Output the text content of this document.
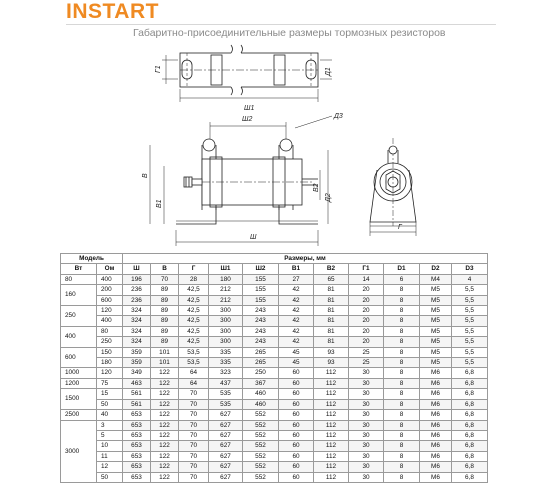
INSTART
Габаритно-присоединительные размеры тормозных резисторов
Г1
Ш1
Д1
Ш2	Д3
В
В1
В2
Д2
Ш
Г
Модель		Размеры, мм										
Вт	Ом	Ш	В	Г	Ш1	Ш2	В1	В2	Г1	D1	D2	D3
80	400	196	70	28	180	155	27	65	14	6	M4	4
160	200	236	89	42,5	212	155	42	81	20	8	M5	5,5
	600	236	89	42,5	212	155	42	81	20	8	M5	5,5
250	120	324	89	42,5	300	243	42	81	20	8	M5	5,5
	400	324	89	42,5	300	243	42	81	20	8	M5	5,5
400	80	324	89	42,5	300	243	42	81	20	8	M5	5,5
	250	324	89	42,5	300	243	42	81	20	8	M5	5,5
600	150	359	101	53,5	335	265	45	93	25	8	M5	5,5
	180	359	101	53,5	335	265	45	93	25	8	M5	5,5
1000	120	349	122	64	323	250	60	112	30	8	M6	6,8
1200	75	463	122	64	437	367	60	112	30	8	M6	6,8
1500	15	561	122	70	535	460	60	112	30	8	M6	6,8
	50	561	122	70	535	460	60	112	30	8	M6	6,8
2500	40	653	122	70	627	552	60	112	30	8	M6	6,8
3000	3	653	122	70	627	552	60	112	30	8	M6	6,8
	5	653	122	70	627	552	60	112	30	8	M6	6,8
	10	653	122	70	627	552	60	112	30	8	M6	6,8
	11	653	122	70	627	552	60	112	30	8	M6	6,8
	12	653	122	70	627	552	60	112	30	8	M6	6,8
	50	653	122	70	627	552	60	112	30	8	M6	6,8
